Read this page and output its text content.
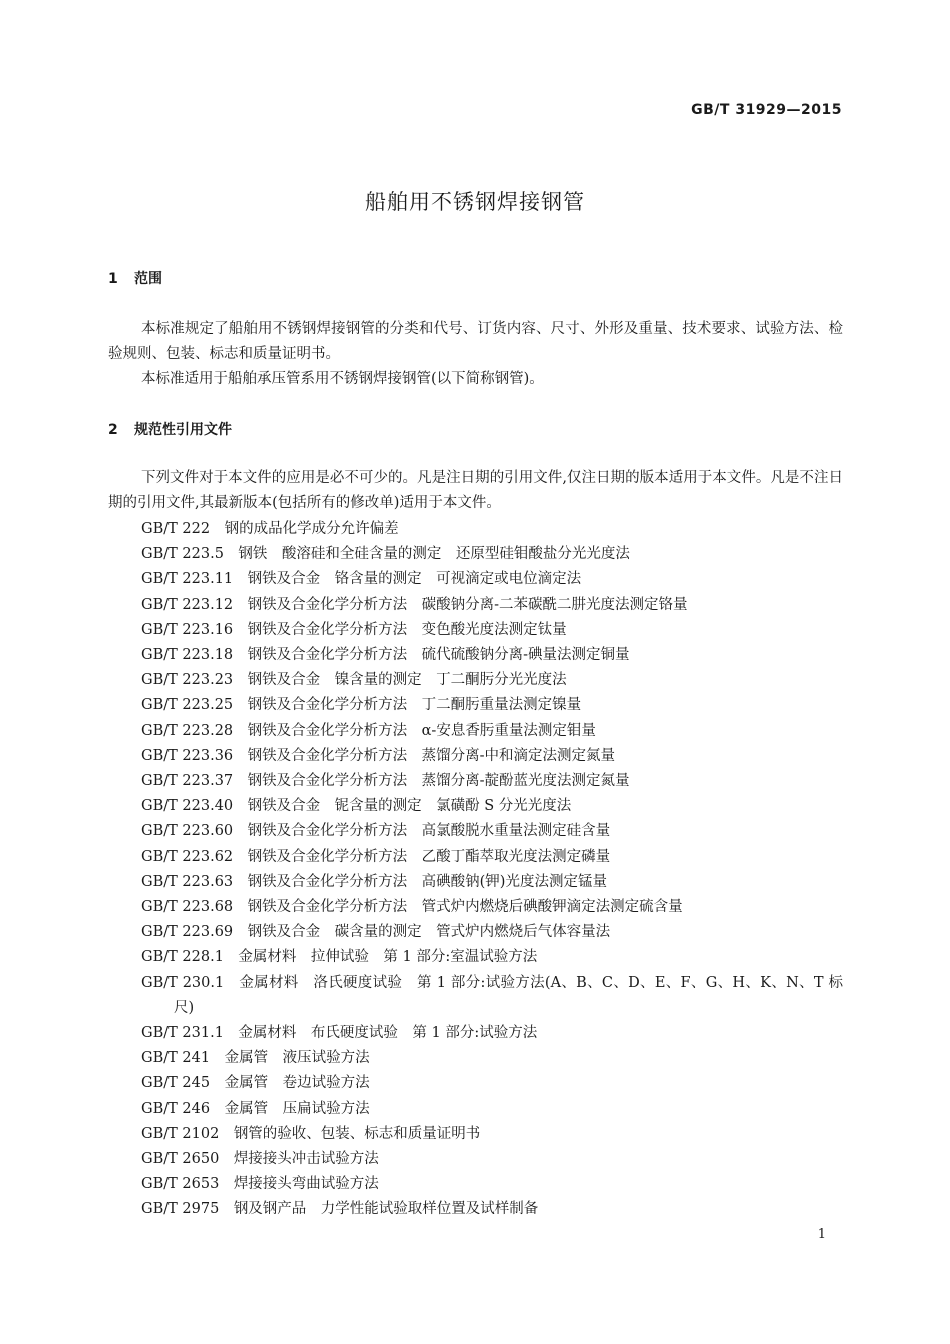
GB/T 31929—2015
船舶用不锈钢焊接钢管
1 范围

本标准规定了船舶用不锈钢焊接钢管的分类和代号、订货内容、尺寸、外形及重量、技术要求、试验方法、检验规则、包装、标志和质量证明书。

本标准适用于船舶承压管系用不锈钢焊接钢管(以下简称钢管)。

2 规范性引用文件

下列文件对于本文件的应用是必不可少的。凡是注日期的引用文件,仅注日期的版本适用于本文件。凡是不注日期的引用文件,其最新版本(包括所有的修改单)适用于本文件。

GB/T 222　 钢的成品化学成分允许偏差
GB/T 223.5　 钢铁　酸溶硅和全硅含量的测定　还原型硅钼酸盐分光光度法
GB/T 223.11　 钢铁及合金　铬含量的测定　可视滴定或电位滴定法
GB/T 223.12　 钢铁及合金化学分析方法　碳酸钠分离-二苯碳酰二肼光度法测定铬量
GB/T 223.16　 钢铁及合金化学分析方法　变色酸光度法测定钛量
GB/T 223.18　 钢铁及合金化学分析方法　硫代硫酸钠分离-碘量法测定铜量
GB/T 223.23　 钢铁及合金　镍含量的测定　丁二酮肟分光光度法
GB/T 223.25　 钢铁及合金化学分析方法　丁二酮肟重量法测定镍量
GB/T 223.28　 钢铁及合金化学分析方法　α-安息香肟重量法测定钼量
GB/T 223.36　 钢铁及合金化学分析方法　蒸馏分离-中和滴定法测定氮量
GB/T 223.37　 钢铁及合金化学分析方法　蒸馏分离-靛酚蓝光度法测定氮量
GB/T 223.40　 钢铁及合金　铌含量的测定　氯磺酚 S 分光光度法
GB/T 223.60　 钢铁及合金化学分析方法　高氯酸脱水重量法测定硅含量
GB/T 223.62　 钢铁及合金化学分析方法　乙酸丁酯萃取光度法测定磷量
GB/T 223.63　 钢铁及合金化学分析方法　高碘酸钠(钾)光度法测定锰量
GB/T 223.68　 钢铁及合金化学分析方法　管式炉内燃烧后碘酸钾滴定法测定硫含量
GB/T 223.69　 钢铁及合金　碳含量的测定　管式炉内燃烧后气体容量法
GB/T 228.1　 金属材料　拉伸试验　第 1 部分:室温试验方法
GB/T 230.1　 金属材料　洛氏硬度试验　第 1 部分:试验方法(A、B、C、D、E、F、G、H、K、N、T 标尺)
GB/T 231.1　 金属材料　布氏硬度试验　第 1 部分:试验方法
GB/T 241　 金属管　液压试验方法
GB/T 245　 金属管　卷边试验方法
GB/T 246　 金属管　压扁试验方法
GB/T 2102　 钢管的验收、包装、标志和质量证明书
GB/T 2650　 焊接接头冲击试验方法
GB/T 2653　 焊接接头弯曲试验方法
GB/T 2975　 钢及钢产品　力学性能试验取样位置及试样制备
1
